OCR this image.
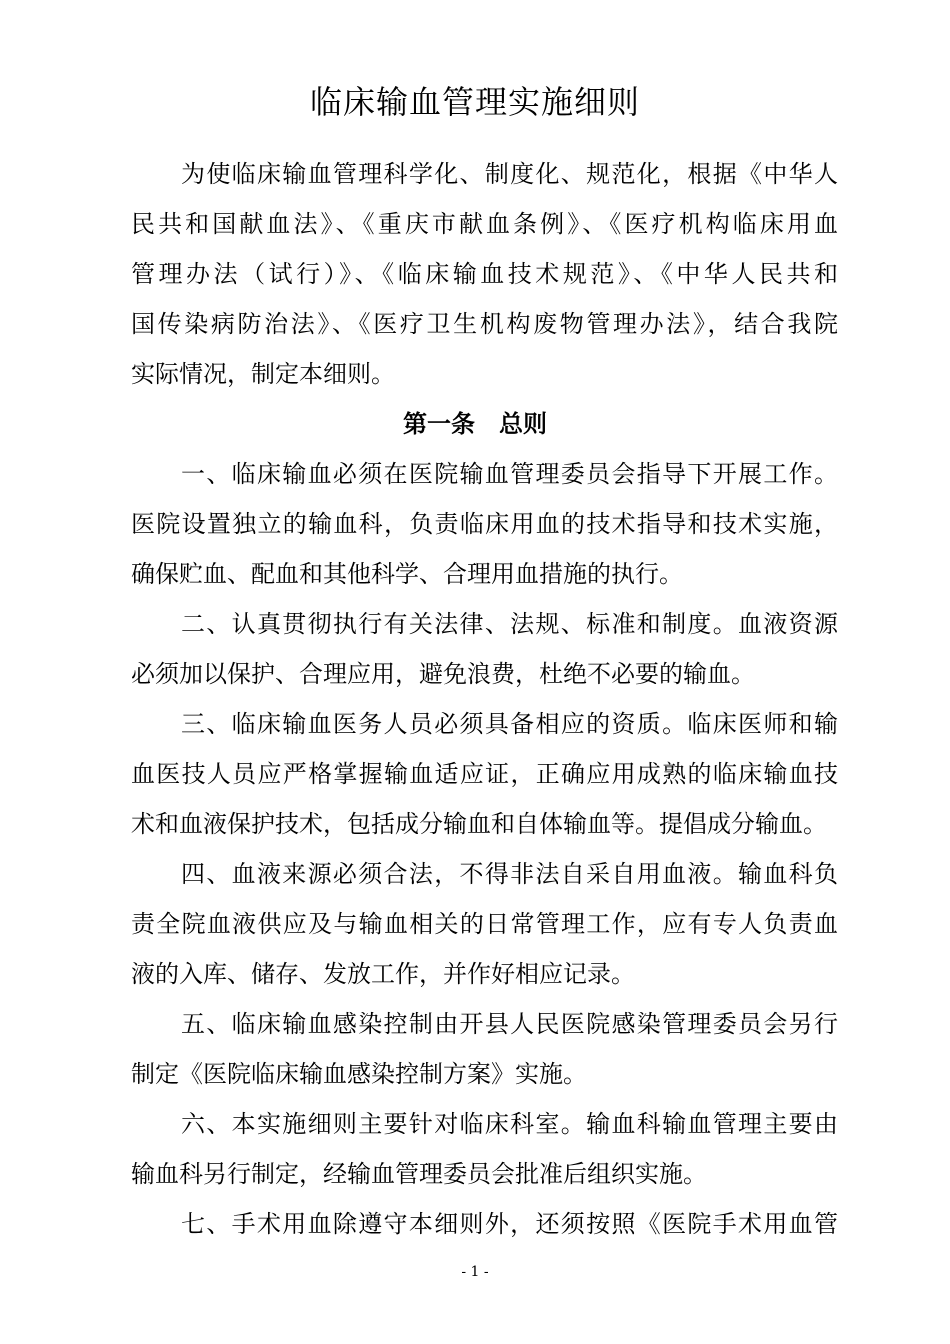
临床输血管理实施细则
为使临床输血管理科学化、制度化、规范化，根据《中华人
民共和国献血法》、《重庆市献血条例》、《医疗机构临床用血
管理办法（试行）》、《临床输血技术规范》、《中华人民共和
国传染病防治法》、《医疗卫生机构废物管理办法》，结合我院
实际情况，制定本细则。
第一条　总则
一、临床输血必须在医院输血管理委员会指导下开展工作。
医院设置独立的输血科，负责临床用血的技术指导和技术实施，
确保贮血、配血和其他科学、合理用血措施的执行。
二、认真贯彻执行有关法律、法规、标准和制度。血液资源
必须加以保护、合理应用，避免浪费，杜绝不必要的输血。
三、临床输血医务人员必须具备相应的资质。临床医师和输
血医技人员应严格掌握输血适应证，正确应用成熟的临床输血技
术和血液保护技术，包括成分输血和自体输血等。提倡成分输血。
四、血液来源必须合法，不得非法自采自用血液。输血科负
责全院血液供应及与输血相关的日常管理工作，应有专人负责血
液的入库、储存、发放工作，并作好相应记录。
五、临床输血感染控制由开县人民医院感染管理委员会另行
制定《医院临床输血感染控制方案》实施。
六、本实施细则主要针对临床科室。输血科输血管理主要由
输血科另行制定，经输血管理委员会批准后组织实施。
七、手术用血除遵守本细则外，还须按照《医院手术用血管
- 1 -
